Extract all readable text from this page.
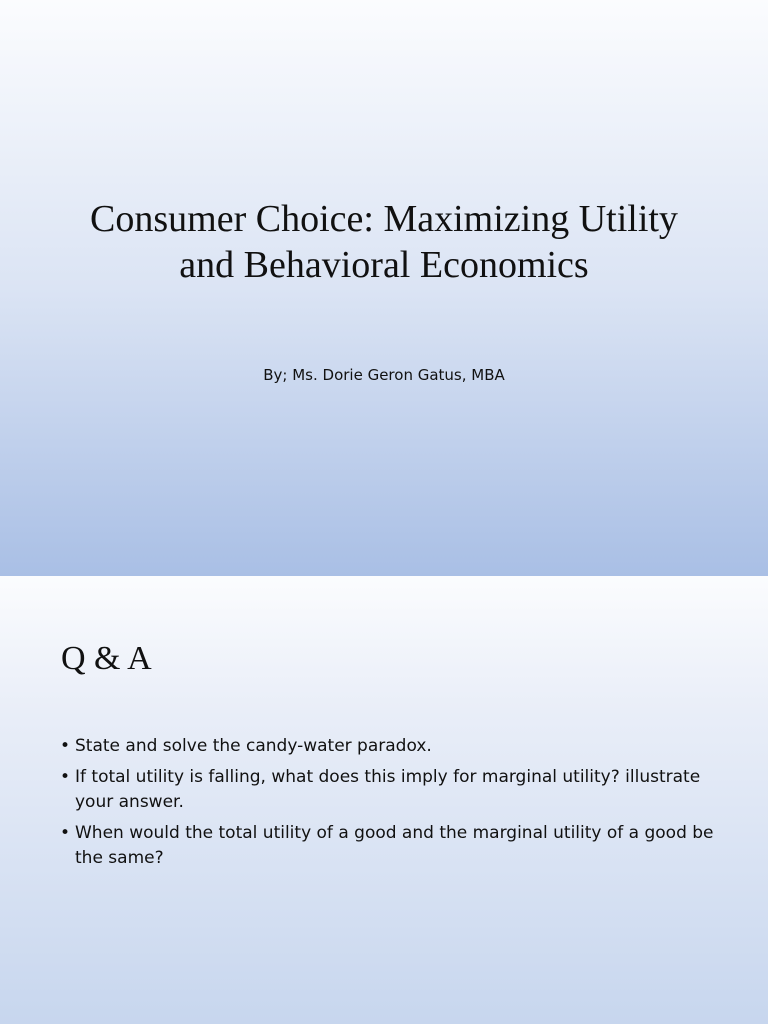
Consumer Choice: Maximizing Utility
and Behavioral Economics
By; Ms. Dorie Geron Gatus, MBA
Q & A
• State and solve the candy-water paradox.
• If total utility is falling, what does this imply for marginal utility? illustrate your answer.
• When would the total utility of a good and the marginal utility of a good be the same?
